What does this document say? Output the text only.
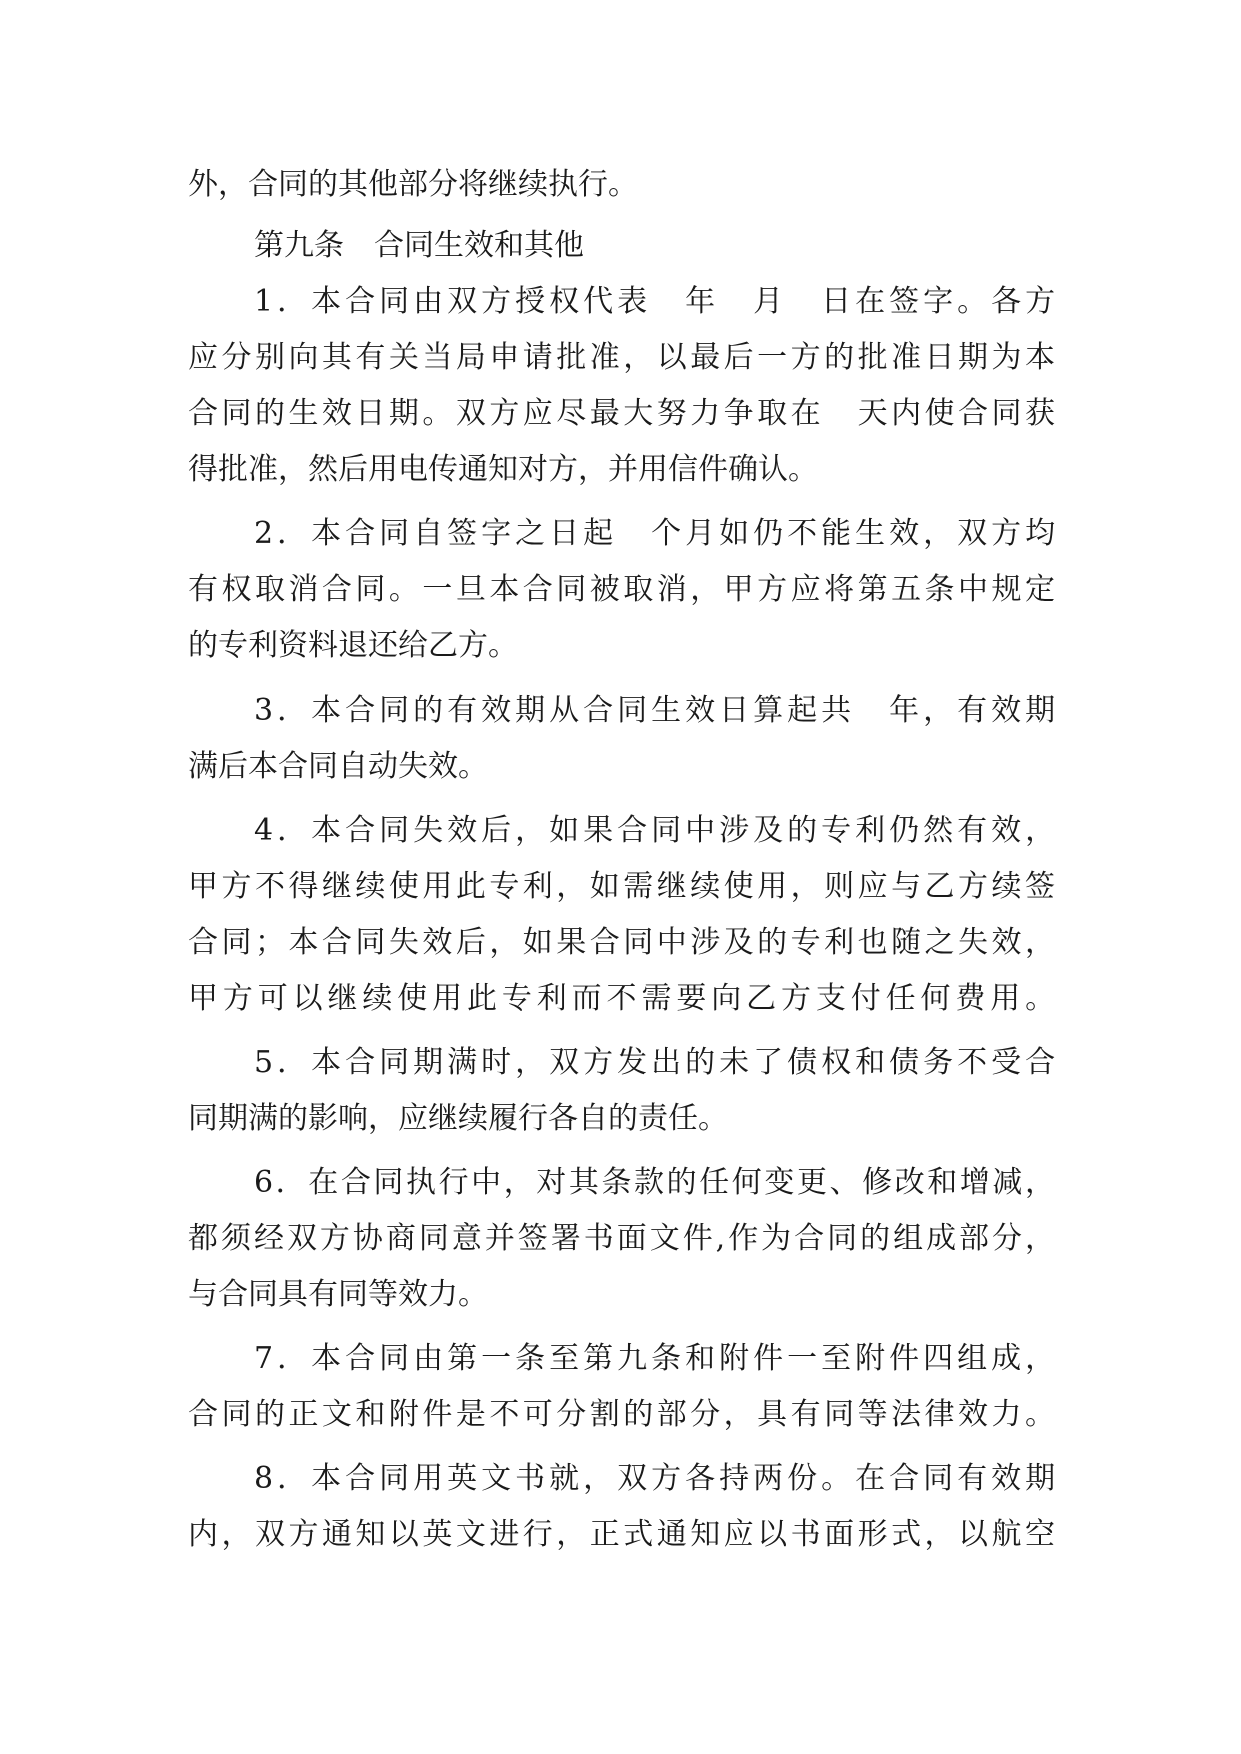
外，合同的其他部分将继续执行。
第九条　合同生效和其他
1．本合同由双方授权代表　年　月　日在签字。各方
应分别向其有关当局申请批准，以最后一方的批准日期为本
合同的生效日期。双方应尽最大努力争取在　天内使合同获
得批准，然后用电传通知对方，并用信件确认。
2．本合同自签字之日起　个月如仍不能生效，双方均
有权取消合同。一旦本合同被取消，甲方应将第五条中规定
的专利资料退还给乙方。
3．本合同的有效期从合同生效日算起共　年，有效期
满后本合同自动失效。
4．本合同失效后，如果合同中涉及的专利仍然有效，
甲方不得继续使用此专利，如需继续使用，则应与乙方续签
合同；本合同失效后，如果合同中涉及的专利也随之失效，
甲方可以继续使用此专利而不需要向乙方支付任何费用。
5．本合同期满时，双方发出的未了债权和债务不受合
同期满的影响，应继续履行各自的责任。
6．在合同执行中，对其条款的任何变更、修改和增减，
都须经双方协商同意并签署书面文件,作为合同的组成部分，
与合同具有同等效力。
7．本合同由第一条至第九条和附件一至附件四组成，
合同的正文和附件是不可分割的部分，具有同等法律效力。
8．本合同用英文书就，双方各持两份。在合同有效期
内，双方通知以英文进行，正式通知应以书面形式，以航空
